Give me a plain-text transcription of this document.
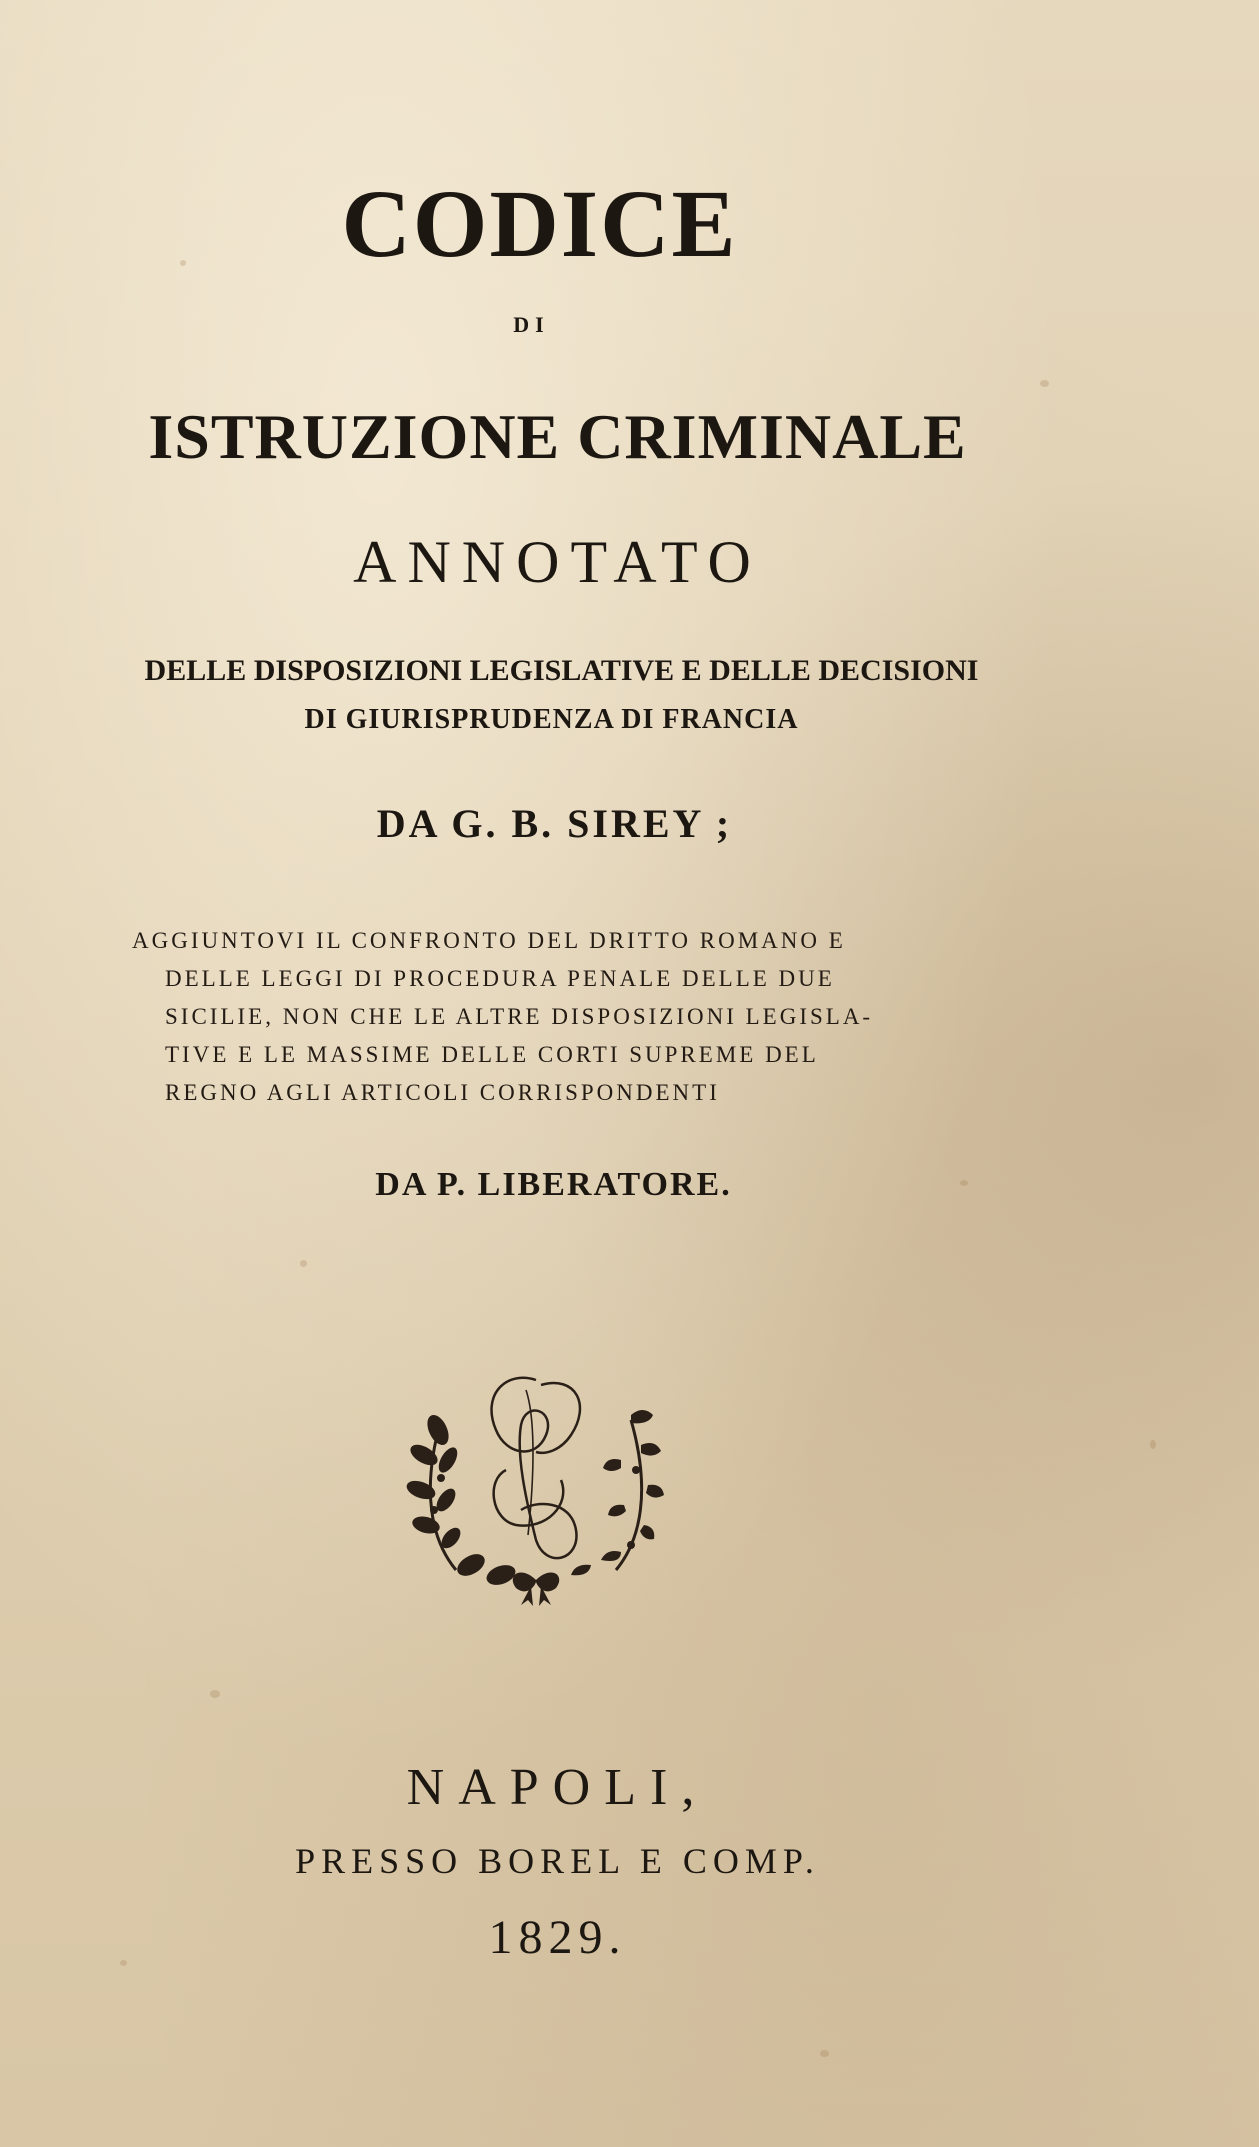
CODICE
DI
ISTRUZIONE CRIMINALE
ANNOTATO
DELLE DISPOSIZIONI LEGISLATIVE E DELLE DECISIONI
DI GIURISPRUDENZA DI FRANCIA
DA G. B. SIREY ;
AGGIUNTOVI IL CONFRONTO DEL DRITTO ROMANO E
DELLE LEGGI DI PROCEDURA PENALE DELLE DUE
SICILIE, NON CHE LE ALTRE DISPOSIZIONI LEGISLA-
TIVE E LE MASSIME DELLE CORTI SUPREME DEL
REGNO AGLI ARTICOLI CORRISPONDENTI
DA P. LIBERATORE.
NAPOLI,
PRESSO BOREL E COMP.
1829.
